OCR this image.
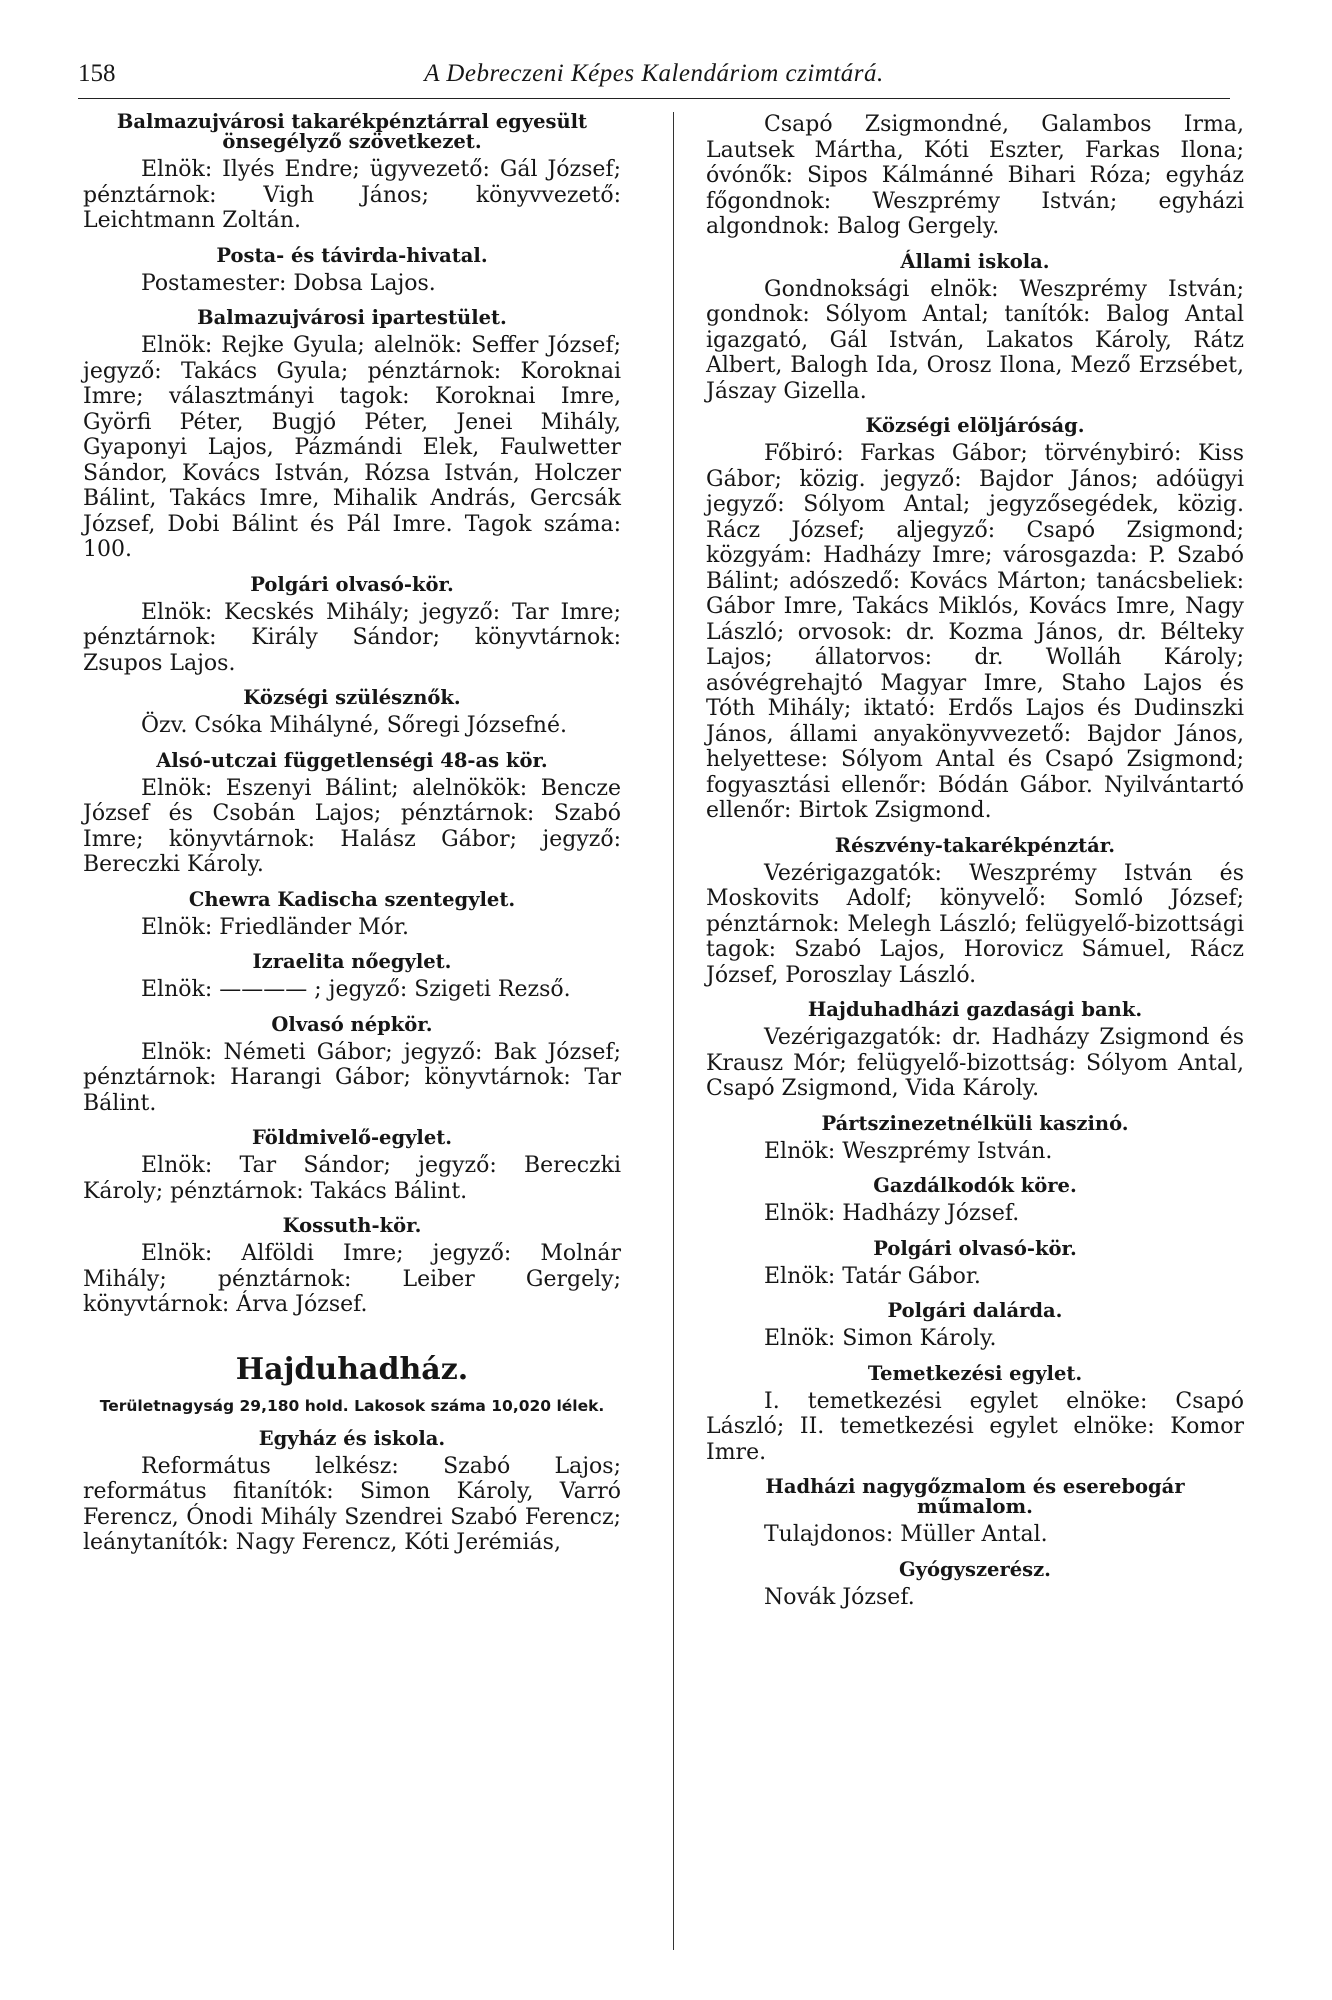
158	A Debreczeni Képes Kalendáriom czimtárá.
Balmazujvárosi takarékpénztárral egyesült önsegélyző szövetkezet.
Elnök: Ilyés Endre; ügyvezető: Gál József; pénztárnok: Vigh János; könyvvezető: Leichtmann Zoltán.
Posta- és távirda-hivatal.
Postamester: Dobsa Lajos.
Balmazujvárosi ipartestület.
Elnök: Rejke Gyula; alelnök: Seffer József; jegyző: Takács Gyula; pénztárnok: Koroknai Imre; választmányi tagok: Koroknai Imre, Györfi Péter, Bugjó Péter, Jenei Mihály, Gyaponyi Lajos, Pázmándi Elek, Faulwetter Sándor, Kovács István, Rózsa István, Holczer Bálint, Takács Imre, Mihalik András, Gercsák József, Dobi Bálint és Pál Imre. Tagok száma: 100.
Polgári olvasó-kör.
Elnök: Kecskés Mihály; jegyző: Tar Imre; pénztárnok: Király Sándor; könyvtárnok: Zsupos Lajos.
Községi szülésznők.
Özv. Csóka Mihályné, Sőregi Józsefné.
Alsó-utczai függetlenségi 48-as kör.
Elnök: Eszenyi Bálint; alelnökök: Bencze József és Csobán Lajos; pénztárnok: Szabó Imre; könyvtárnok: Halász Gábor; jegyző: Bereczki Károly.
Chewra Kadischa szentegylet.
Elnök: Friedländer Mór.
Izraelita nőegylet.
Elnök: ———— ; jegyző: Szigeti Rezső.
Olvasó népkör.
Elnök: Németi Gábor; jegyző: Bak József; pénztárnok: Harangi Gábor; könyvtárnok: Tar Bálint.
Földmivelő-egylet.
Elnök: Tar Sándor; jegyző: Bereczki Károly; pénztárnok: Takács Bálint.
Kossuth-kör.
Elnök: Alföldi Imre; jegyző: Molnár Mihály; pénztárnok: Leiber Gergely; könyvtárnok: Árva József.
Hajduhadház.
Területnagyság 29,180 hold. Lakosok száma 10,020 lélek.
Egyház és iskola.
Református lelkész: Szabó Lajos; református fitanítók: Simon Károly, Varró Ferencz, Ónodi Mihály Szendrei Szabó Ferencz; leánytanítók: Nagy Ferencz, Kóti Jerémiás,
Csapó Zsigmondné, Galambos Irma, Lautsek Mártha, Kóti Eszter, Farkas Ilona; óvónők: Sipos Kálmánné Bihari Róza; egyház főgondnok: Weszprémy István; egyházi algondnok: Balog Gergely.
Állami iskola.
Gondnoksági elnök: Weszprémy István; gondnok: Sólyom Antal; tanítók: Balog Antal igazgató, Gál István, Lakatos Károly, Rátz Albert, Balogh Ida, Orosz Ilona, Mező Erzsébet, Jászay Gizella.
Községi elöljáróság.
Főbiró: Farkas Gábor; törvénybiró: Kiss Gábor; közig. jegyző: Bajdor János; adóügyi jegyző: Sólyom Antal; jegyzősegédek, közig. Rácz József; aljegyző: Csapó Zsigmond; közgyám: Hadházy Imre; városgazda: P. Szabó Bálint; adószedő: Kovács Márton; tanácsbeliek: Gábor Imre, Takács Miklós, Kovács Imre, Nagy László; orvosok: dr. Kozma János, dr. Bélteky Lajos; állatorvos: dr. Wolláh Károly; asóvégrehajtó Magyar Imre, Staho Lajos és Tóth Mihály; iktató: Erdős Lajos és Dudinszki János, állami anyakönyvvezető: Bajdor János, helyettese: Sólyom Antal és Csapó Zsigmond; fogyasztási ellenőr: Bódán Gábor. Nyilvántartó ellenőr: Birtok Zsigmond.
Részvény-takarékpénztár.
Vezérigazgatók: Weszprémy István és Moskovits Adolf; könyvelő: Somló József; pénztárnok: Melegh László; felügyelő-bizottsági tagok: Szabó Lajos, Horovicz Sámuel, Rácz József, Poroszlay László.
Hajduhadházi gazdasági bank.
Vezérigazgatók: dr. Hadházy Zsigmond és Krausz Mór; felügyelő-bizottság: Sólyom Antal, Csapó Zsigmond, Vida Károly.
Pártszinezetnélküli kaszinó.
Elnök: Weszprémy István.
Gazdálkodók köre.
Elnök: Hadházy József.
Polgári olvasó-kör.
Elnök: Tatár Gábor.
Polgári dalárda.
Elnök: Simon Károly.
Temetkezési egylet.
I. temetkezési egylet elnöke: Csapó László; II. temetkezési egylet elnöke: Komor Imre.
Hadházi nagygőzmalom és eserebogár műmalom.
Tulajdonos: Müller Antal.
Gyógyszerész.
Novák József.
